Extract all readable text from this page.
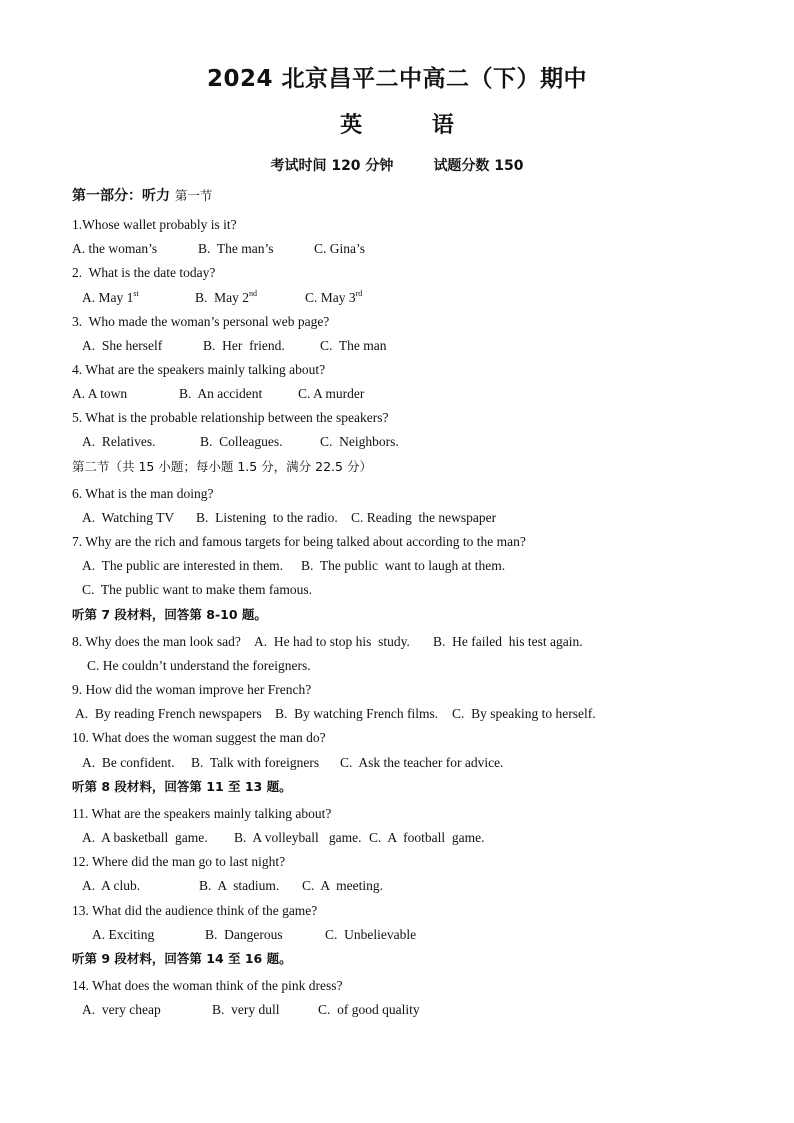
2024 北京昌平二中高二（下）期中
英　 语
考试时间 120 分钟	试题分数 150
第一部分：听力 第一节
1.Whose wallet probably is it?
A. the woman’s	B.  The man’s	C. Gina’s
2.  What is the date today?
A. May 1st	B.  May 2nd	C. May 3rd
3.  Who made the woman’s personal web page?
A.  She herself	B.  Her  friend.	C.  The man
4. What are the speakers mainly talking about?
A. A town	B.  An accident	C. A murder
5. What is the probable relationship between the speakers?
A.  Relatives.	B.  Colleagues.	C.  Neighbors.
第二节（共 15 小题；每小题 1.5 分，满分 22.5 分）
6. What is the man doing?
A.  Watching TV B.  Listening  to the radio. C. Reading  the newspaper
7. Why are the rich and famous targets for being talked about according to the man?
A.  The public are interested in them. B.  The public  want to laugh at them.
C.  The public want to make them famous.
听第 7 段材料，回答第 8-10 题。
8. Why does the man look sad? A.  He had to stop his  study. B.  He failed  his test again.
C. He couldn’t understand the foreigners.
9. How did the woman improve her French?
A.  By reading French newspapers B.  By watching French films. C.  By speaking to herself.
10. What does the woman suggest the man do?
A.  Be confident. B.  Talk with foreigners C.  Ask the teacher for advice.
听第 8 段材料，回答第 11 至 13 题。
11. What are the speakers mainly talking about?
A.  A basketball  game. B.  A volleyball   game. C.  A  football  game.
12. Where did the man go to last night?
A.  A club.	B.  A  stadium. C.  A  meeting.
13. What did the audience think of the game?
A. Exciting	B.  Dangerous	C.  Unbelievable
听第 9 段材料，回答第 14 至 16 题。
14. What does the woman think of the pink dress?
A.  very cheap	B.  very dull	C.  of good quality
